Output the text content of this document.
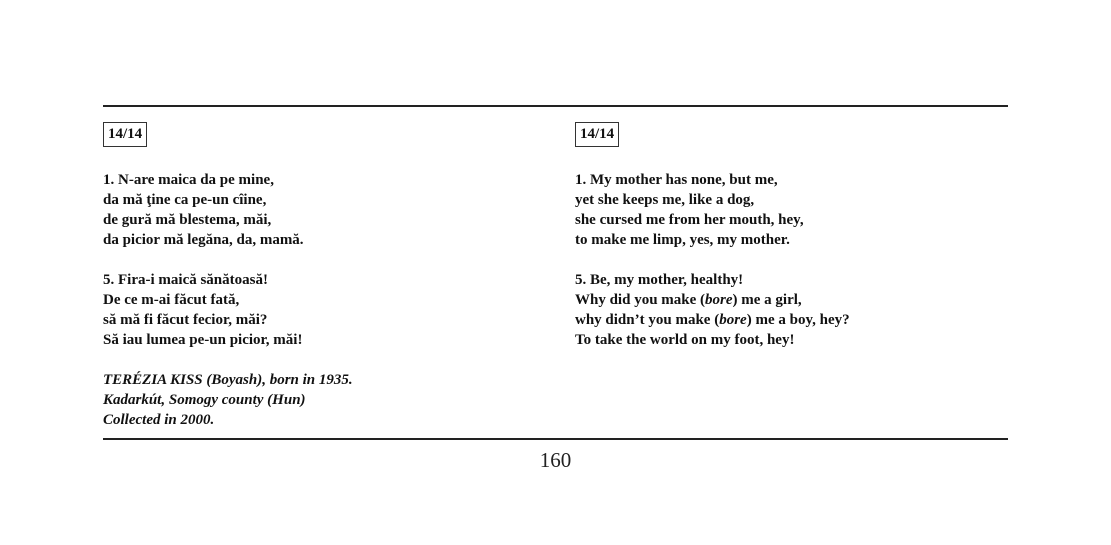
14/14
1. N-are maica da pe mine,
da mă ţine ca pe-un cîine,
de gură mă blestema, măi,
da picior mă legăna, da, mamă.
5. Fira-i maică sănătoasă!
De ce m-ai făcut fată,
să mă fi făcut fecior, măi?
Să iau lumea pe-un picior, măi!
TERÉZIA KISS (Boyash), born in 1935.
Kadarkút, Somogy county (Hun)
Collected in 2000.
14/14
1. My mother has none, but me,
yet she keeps me, like a dog,
she cursed me from her mouth, hey,
to make me limp, yes, my mother.
5. Be, my mother, healthy!
Why did you make (bore) me a girl,
why didn’t you make (bore) me a boy, hey?
To take the world on my foot, hey!
160
